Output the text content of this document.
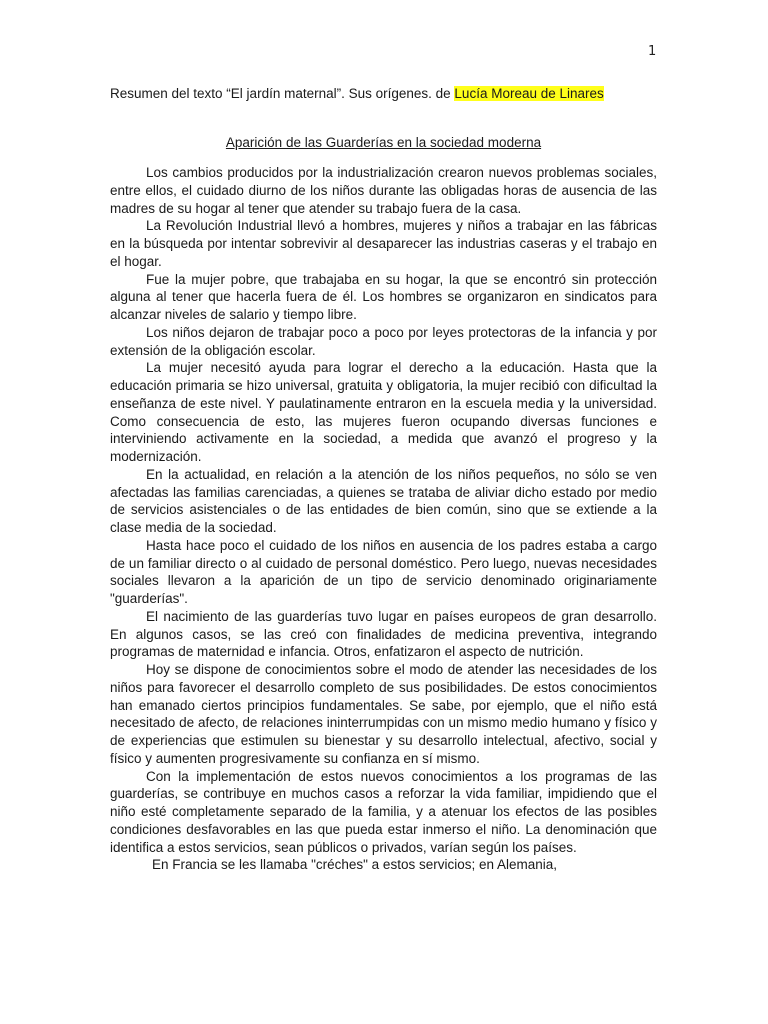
1
Resumen del texto “El jardín maternal”. Sus orígenes. de Lucía Moreau de Linares
Aparición de las Guarderías en la sociedad moderna

Los cambios producidos por la industrialización crearon nuevos problemas sociales, entre ellos, el cuidado diurno de los niños durante las obligadas horas de ausencia de las madres de su hogar al tener que atender su trabajo fuera de la casa.

La Revolución Industrial llevó a hombres, mujeres y niños a trabajar en las fábricas en la búsqueda por intentar sobrevivir al desaparecer las industrias caseras y el trabajo en el hogar.

Fue la mujer pobre, que trabajaba en su hogar, la que se encontró sin protección alguna al tener que hacerla fuera de él. Los hombres se organizaron en sindicatos para alcanzar niveles de salario y tiempo libre.

Los niños dejaron de trabajar poco a poco por leyes protectoras de la infancia y por extensión de la obligación escolar.

La mujer necesitó ayuda para lograr el derecho a la educación. Hasta que la educación primaria se hizo universal, gratuita y obligatoria, la mujer recibió con dificultad la enseñanza de este nivel. Y paulatinamente entraron en la escuela media y la universidad. Como consecuencia de esto, las mujeres fueron ocupando diversas funciones e interviniendo activamente en la sociedad, a medida que avanzó el progreso y la modernización.

En la actualidad, en relación a la atención de los niños pequeños, no sólo se ven afectadas las familias carenciadas, a quienes se trataba de aliviar dicho estado por medio de servicios asistenciales o de las entidades de bien común, sino que se extiende a la clase media de la sociedad.

Hasta hace poco el cuidado de los niños en ausencia de los padres estaba a cargo de un familiar directo o al cuidado de personal doméstico. Pero luego, nuevas necesidades sociales llevaron a la aparición de un tipo de servicio denominado originariamente "guarderías".

El nacimiento de las guarderías tuvo lugar en países europeos de gran desarrollo. En algunos casos, se las creó con finalidades de medicina preventiva, integrando programas de maternidad e infancia. Otros, enfatizaron el aspecto de nutrición.

Hoy se dispone de conocimientos sobre el modo de atender las necesidades de los niños para favorecer el desarrollo completo de sus posibilidades. De estos conocimientos han emanado ciertos principios fundamentales. Se sabe, por ejemplo, que el niño está necesitado de afecto, de relaciones ininterrumpidas con un mismo medio humano y físico y de experiencias que estimulen su bienestar y su desarrollo intelectual, afectivo, social y físico y aumenten progresivamente su confianza en sí mismo.

Con la implementación de estos nuevos conocimientos a los programas de las guarderías, se contribuye en muchos casos a reforzar la vida familiar, impidiendo que el niño esté completamente separado de la familia, y a atenuar los efectos de las posibles condiciones desfavorables en las que pueda estar inmerso el niño. La denominación que identifica a estos servicios, sean públicos o privados, varían según los países.

En Francia se les llamaba "créches" a estos servicios; en Alemania,
